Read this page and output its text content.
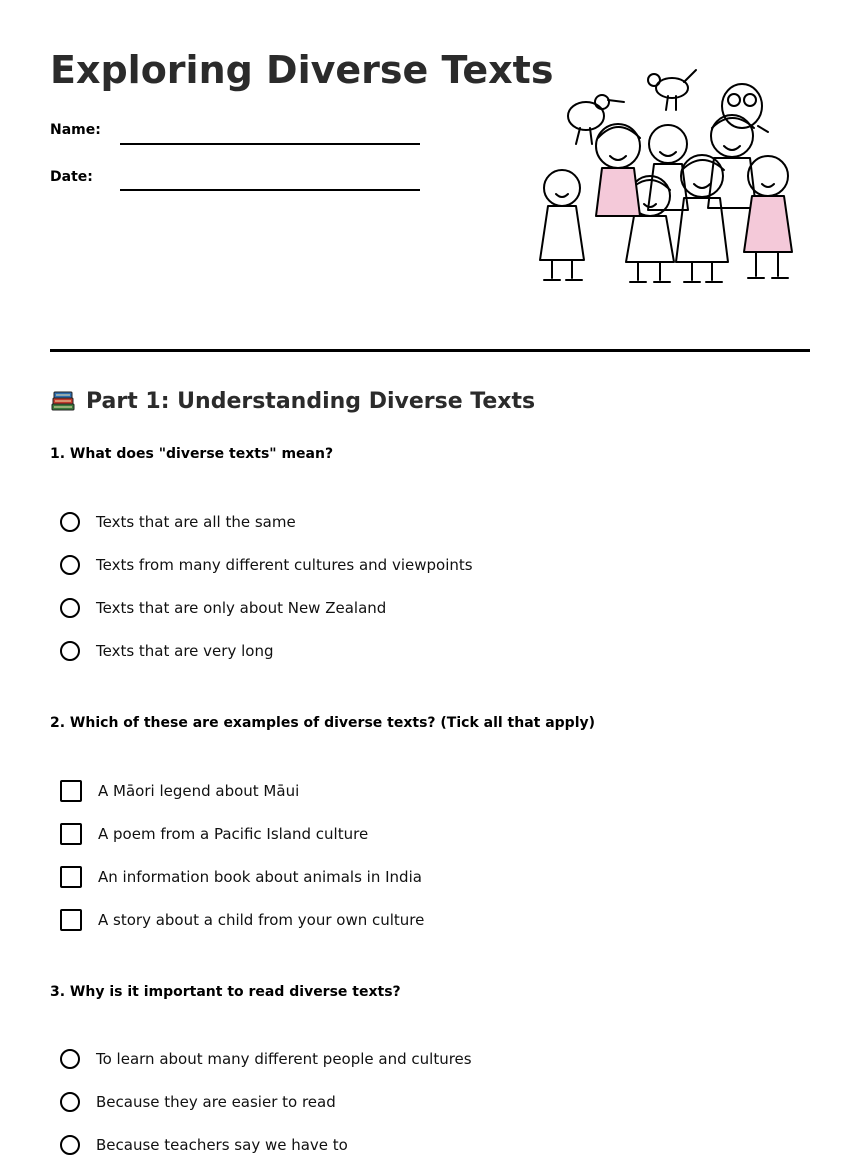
Exploring Diverse Texts
Name:
Date:
Part 1: Understanding Diverse Texts

1. What does "diverse texts" mean?

Texts that are all the same
Texts from many different cultures and viewpoints
Texts that are only about New Zealand
Texts that are very long

2. Which of these are examples of diverse texts? (Tick all that apply)

A Māori legend about Māui
A poem from a Pacific Island culture
An information book about animals in India
A story about a child from your own culture

3. Why is it important to read diverse texts?

To learn about many different people and cultures
Because they are easier to read
Because teachers say we have to
